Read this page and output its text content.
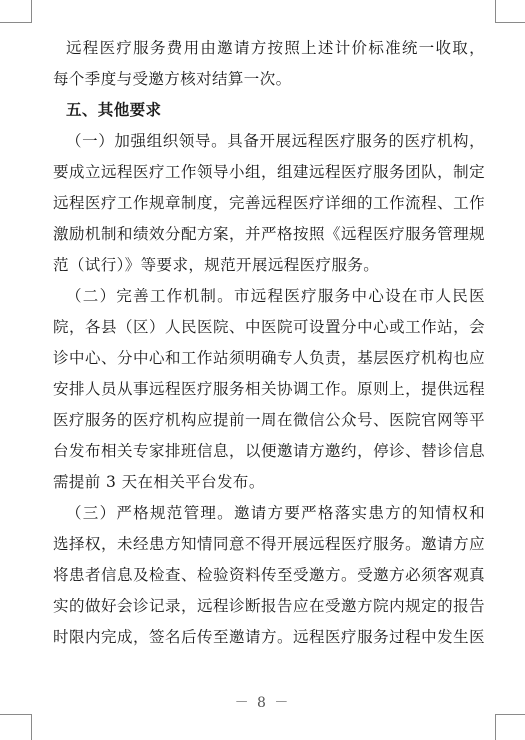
远程医疗服务费用由邀请方按照上述计价标准统一收取，
每个季度与受邀方核对结算一次。
五、其他要求
（一）加强组织领导。具备开展远程医疗服务的医疗机构，
要成立远程医疗工作领导小组，组建远程医疗服务团队，制定
远程医疗工作规章制度，完善远程医疗详细的工作流程、工作
激励机制和绩效分配方案，并严格按照《远程医疗服务管理规
范（试行）》等要求，规范开展远程医疗服务。
（二）完善工作机制。市远程医疗服务中心设在市人民医
院，各县（区）人民医院、中医院可设置分中心或工作站，会
诊中心、分中心和工作站须明确专人负责，基层医疗机构也应
安排人员从事远程医疗服务相关协调工作。原则上，提供远程
医疗服务的医疗机构应提前一周在微信公众号、医院官网等平
台发布相关专家排班信息，以便邀请方邀约，停诊、替诊信息
需提前 3 天在相关平台发布。
（三）严格规范管理。邀请方要严格落实患方的知情权和
选择权，未经患方知情同意不得开展远程医疗服务。邀请方应
将患者信息及检查、检验资料传至受邀方。受邀方必须客观真
实的做好会诊记录，远程诊断报告应在受邀方院内规定的报告
时限内完成，签名后传至邀请方。远程医疗服务过程中发生医
－ 8 －
